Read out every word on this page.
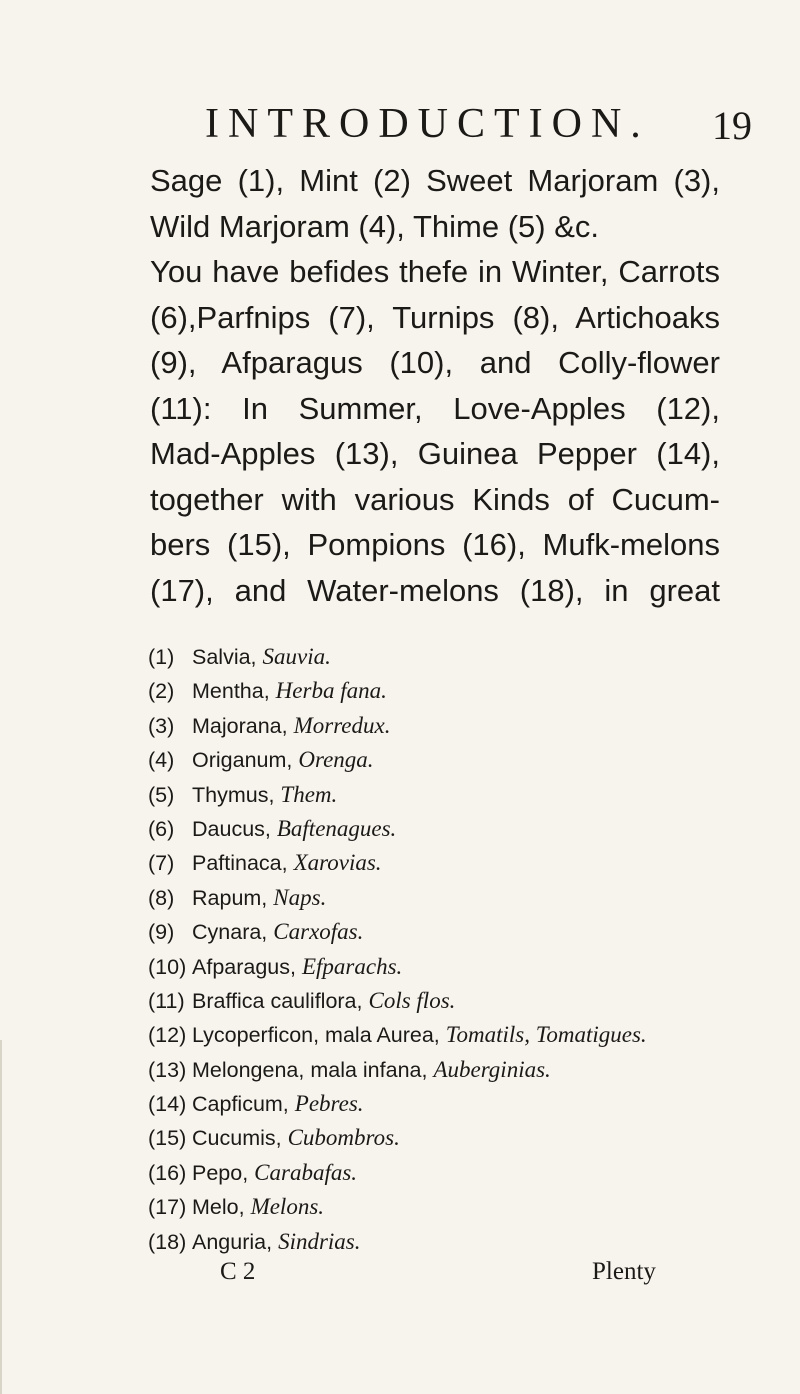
INTRODUCTION. 19
Sage (1), Mint (2) Sweet Marjoram (3),
Wild Marjoram (4), Thime (5) &c.
You have befides thefe in Winter, Carrots
(6),Parfnips (7), Turnips (8), Artichoaks
(9), Afparagus (10), and Colly-flower
(11): In Summer, Love-Apples (12),
Mad-Apples (13), Guinea Pepper (14),
together with various Kinds of Cucum-
bers (15), Pompions (16), Mufk-melons
(17), and Water-melons (18), in great
(1) Salvia, Sauvia.
(2) Mentha, Herba fana.
(3) Majorana, Morredux.
(4) Origanum, Orenga.
(5) Thymus, Them.
(6) Daucus, Baftenagues.
(7) Paftinaca, Xarovias.
(8) Rapum, Naps.
(9) Cynara, Carxofas.
(10) Afparagus, Efparachs.
(11) Braffica cauliflora, Cols flos.
(12) Lycoperficon, mala Aurea, Tomatils, Tomatigues.
(13) Melongena, mala infana, Auberginias.
(14) Capficum, Pebres.
(15) Cucumis, Cubombros.
(16) Pepo, Carabafas.
(17) Melo, Melons.
(18) Anguria, Sindrias.
C 2	Plenty
